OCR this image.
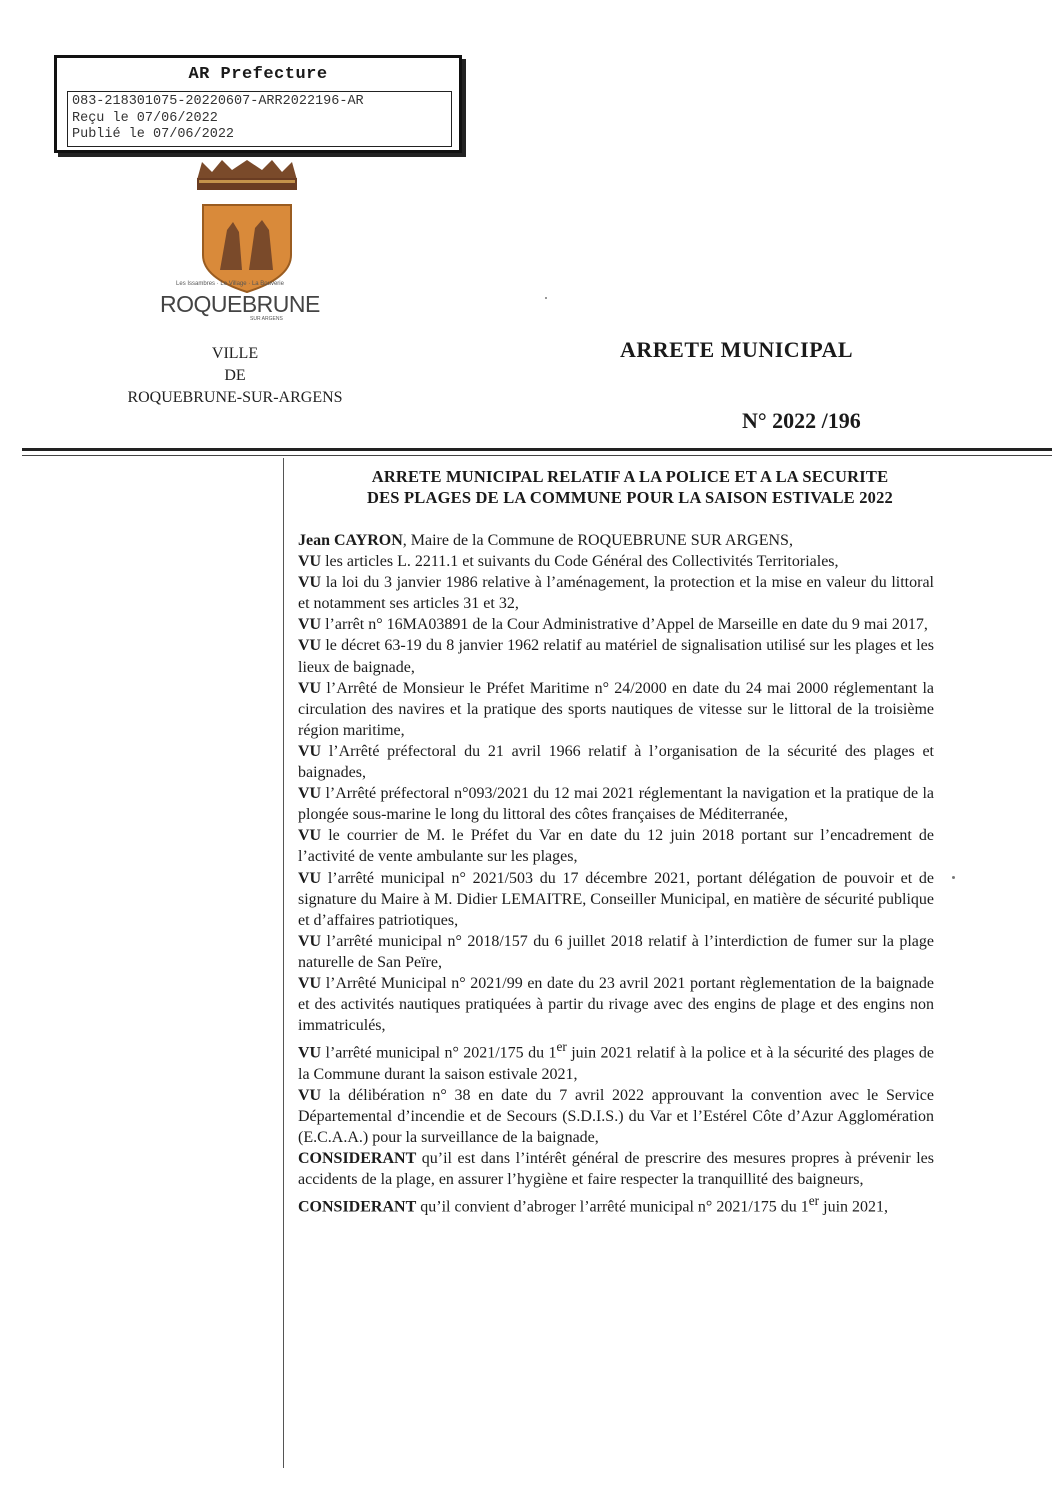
AR Prefecture
083-218301075-20220607-ARR2022196-AR
Reçu le 07/06/2022
Publié le 07/06/2022
Les Issambres · Le Village · La Bouverie
ROQUEBRUNE
SUR ARGENS
VILLE
DE
ROQUEBRUNE-SUR-ARGENS
ARRETE MUNICIPAL
N° 2022 /196
ARRETE MUNICIPAL RELATIF A LA POLICE ET A LA SECURITE
DES PLAGES DE LA COMMUNE POUR LA SAISON ESTIVALE 2022

Jean CAYRON, Maire de la Commune de ROQUEBRUNE SUR ARGENS,

VU les articles L. 2211.1 et suivants du Code Général des Collectivités Territoriales,

VU la loi du 3 janvier 1986 relative à l’aménagement, la protection et la mise en valeur du littoral et notamment ses articles 31 et 32,

VU l’arrêt n° 16MA03891 de la Cour Administrative d’Appel de Marseille en date du 9 mai 2017,

VU le décret 63-19 du 8 janvier 1962 relatif au matériel de signalisation utilisé sur les plages et les lieux de baignade,

VU l’Arrêté de Monsieur le Préfet Maritime n° 24/2000 en date du 24 mai 2000 réglementant la circulation des navires et la pratique des sports nautiques de vitesse sur le littoral de la troisième région maritime,

VU l’Arrêté préfectoral du 21 avril 1966 relatif à l’organisation de la sécurité des plages et baignades,

VU l’Arrêté préfectoral n°093/2021 du 12 mai 2021 réglementant la navigation et la pratique de la plongée sous-marine le long du littoral des côtes françaises de Méditerranée,

VU le courrier de M. le Préfet du Var en date du 12 juin 2018 portant sur l’encadrement de l’activité de vente ambulante sur les plages,

VU l’arrêté municipal n° 2021/503 du 17 décembre 2021, portant délégation de pouvoir et de signature du Maire à M. Didier LEMAITRE, Conseiller Municipal, en matière de sécurité publique et d’affaires patriotiques,

VU l’arrêté municipal n° 2018/157 du 6 juillet 2018 relatif à l’interdiction de fumer sur la plage naturelle de San Peïre,

VU l’Arrêté Municipal n° 2021/99 en date du 23 avril 2021 portant règlementation de la baignade et des activités nautiques pratiquées à partir du rivage avec des engins de plage et des engins non immatriculés,

VU l’arrêté municipal n° 2021/175 du 1er juin 2021 relatif à la police et à la sécurité des plages de la Commune durant la saison estivale 2021,

VU la délibération n° 38 en date du 7 avril 2022 approuvant la convention avec le Service Départemental d’incendie et de Secours (S.D.I.S.) du Var et l’Estérel Côte d’Azur Agglomération (E.C.A.A.) pour la surveillance de la baignade,

CONSIDERANT qu’il est dans l’intérêt général de prescrire des mesures propres à prévenir les accidents de la plage, en assurer l’hygiène et faire respecter la tranquillité des baigneurs,

CONSIDERANT qu’il convient d’abroger l’arrêté municipal n° 2021/175 du 1er juin 2021,
